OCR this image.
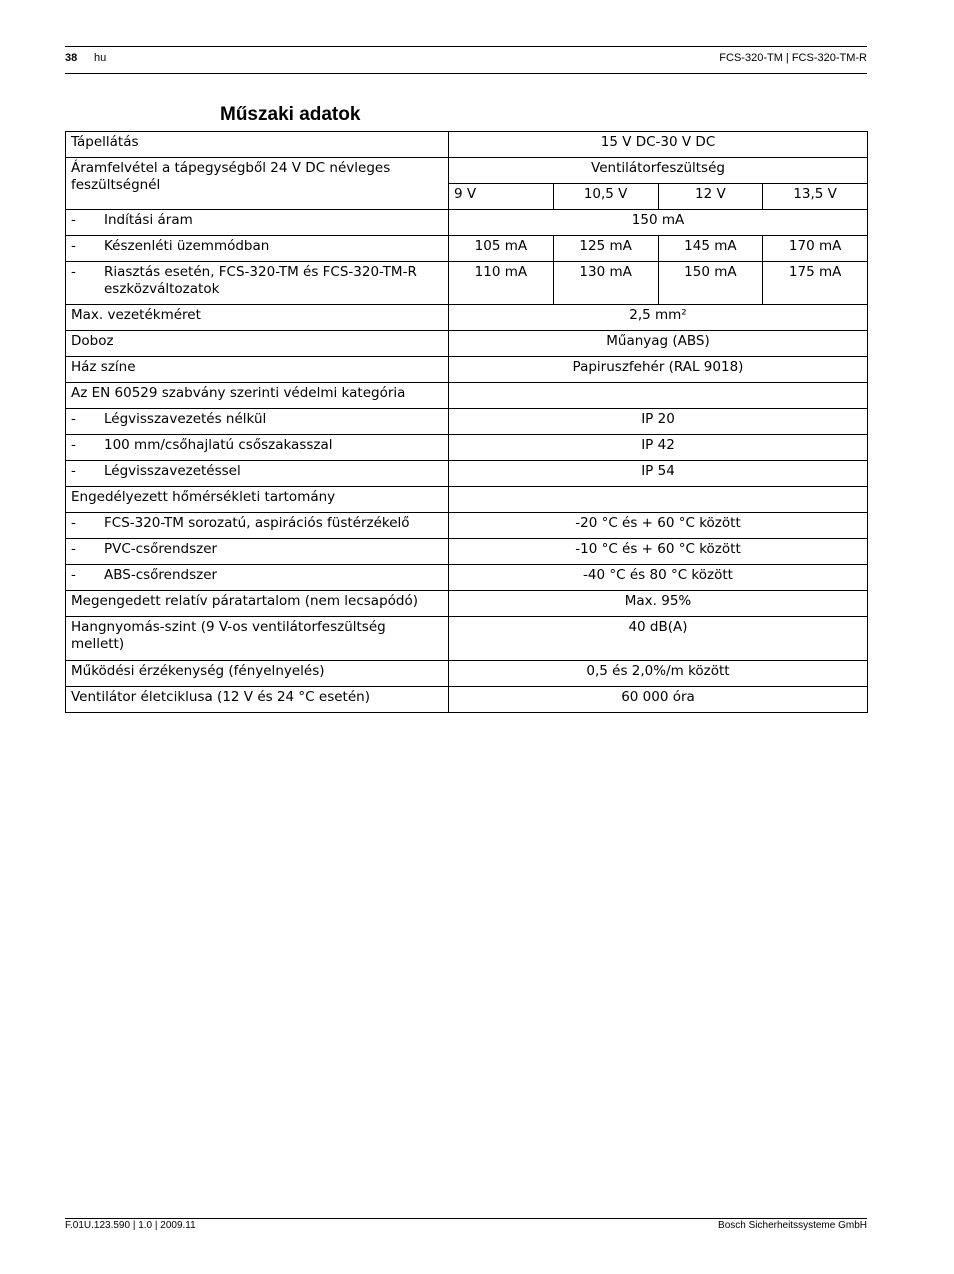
38 hu	FCS-320-TM | FCS-320-TM-R
Műszaki adatok
Tápellátás	15 V DC-30 V DC			
Áramfelvétel a tápegységből 24 V DC névleges feszültségnél	Ventilátorfeszültség			
	9 V	10,5 V	12 V	13,5 V

- Indítási áram	150 mA			

- Készenléti üzemmódban	105 mA	125 mA	145 mA	170 mA

- Riasztás esetén, FCS-320-TM és FCS-320-TM-R eszközváltozatok	110 mA	130 mA	150 mA	175 mA
Max. vezetékméret	2,5 mm²			
Doboz	Műanyag (ABS)			
Ház színe	Papiruszfehér (RAL 9018)			
Az EN 60529 szabvány szerinti védelmi kategória				

- Légvisszavezetés nélkül	IP 20			

- 100 mm/csőhajlatú csőszakasszal	IP 42			

- Légvisszavezetéssel	IP 54			
Engedélyezett hőmérsékleti tartomány				

- FCS-320-TM sorozatú, aspirációs füstérzékelő	-20 °C és + 60 °C között			

- PVC-csőrendszer	-10 °C és + 60 °C között			

- ABS-csőrendszer	-40 °C és 80 °C között			
Megengedett relatív páratartalom (nem lecsapódó)	Max. 95%			
Hangnyomás-szint (9 V-os ventilátorfeszültség mellett)	40 dB(A)			
Működési érzékenység (fényelnyelés)	0,5 és 2,0%/m között			
Ventilátor életciklusa (12 V és 24 °C esetén)	60 000 óra			
F.01U.123.590 | 1.0 | 2009.11	Bosch Sicherheitssysteme GmbH
